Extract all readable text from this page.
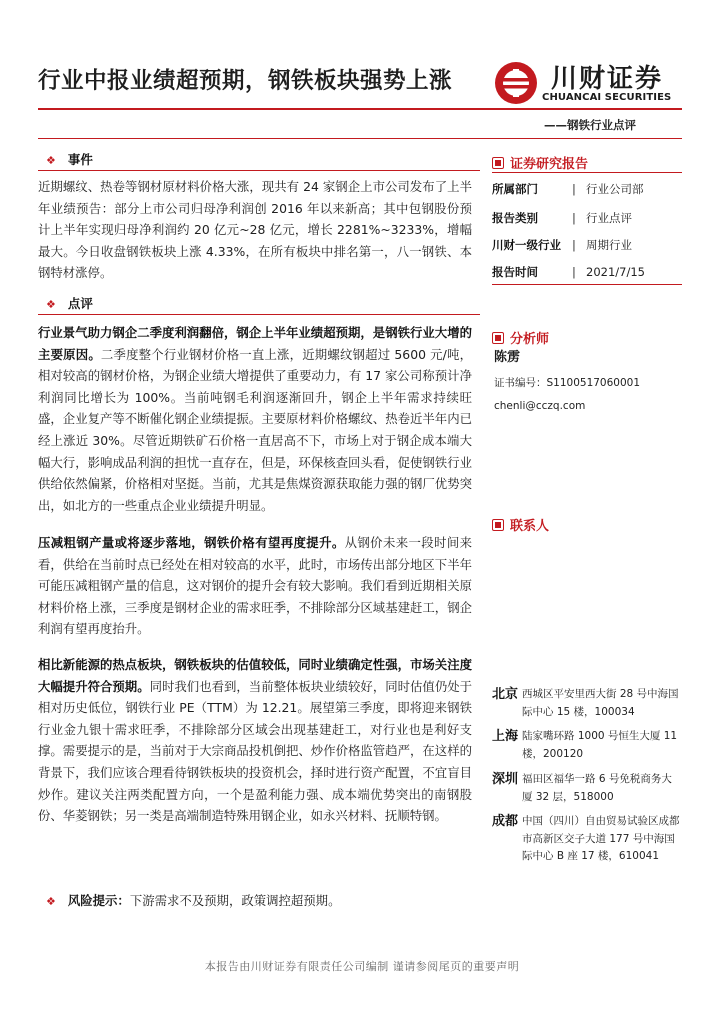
行业中报业绩超预期，钢铁板块强势上涨	川财证券
CHUANCAI SECURITIES
——钢铁行业点评
❖ 事件
近期螺纹、热卷等钢材原材料价格大涨，现共有 24 家钢企上市公司发布了上半年业绩预告：部分上市公司归母净利润创 2016 年以来新高；其中包钢股份预计上半年实现归母净利润约 20 亿元~28 亿元，增长 2281%~3233%，增幅最大。今日收盘钢铁板块上涨 4.33%，在所有板块中排名第一，八一钢铁、本钢特材涨停。
❖ 点评
行业景气助力钢企二季度利润翻倍，钢企上半年业绩超预期，是钢铁行业大增的主要原因。二季度整个行业钢材价格一直上涨，近期螺纹钢超过 5600 元/吨，相对较高的钢材价格，为钢企业绩大增提供了重要动力，有 17 家公司称预计净利润同比增长为 100%。当前吨钢毛利润逐渐回升，钢企上半年需求持续旺盛，企业复产等不断催化钢企业绩提振。主要原材料价格螺纹、热卷近半年内已经上涨近 30%。尽管近期铁矿石价格一直居高不下，市场上对于钢企成本端大幅大行，影响成品利润的担忧一直存在，但是，环保核查回头看，促使钢铁行业供给依然偏紧，价格相对坚挺。当前，尤其是焦煤资源获取能力强的钢厂优势突出，如北方的一些重点企业业绩提升明显。
压减粗钢产量或将逐步落地，钢铁价格有望再度提升。从钢价未来一段时间来看，供给在当前时点已经处在相对较高的水平，此时，市场传出部分地区下半年可能压减粗钢产量的信息，这对钢价的提升会有较大影响。我们看到近期相关原材料价格上涨，三季度是钢材企业的需求旺季，不排除部分区域基建赶工，钢企利润有望再度抬升。
相比新能源的热点板块，钢铁板块的估值较低，同时业绩确定性强，市场关注度大幅提升符合预期。同时我们也看到，当前整体板块业绩较好，同时估值仍处于相对历史低位，钢铁行业 PE（TTM）为 12.21。展望第三季度，即将迎来钢铁行业金九银十需求旺季，不排除部分区域会出现基建赶工，对行业也是利好支撑。需要提示的是，当前对于大宗商品投机倒把、炒作价格监管趋严，在这样的背景下，我们应该合理看待钢铁板块的投资机会，择时进行资产配置，不宜盲目炒作。建议关注两类配置方向，一个是盈利能力强、成本端优势突出的南钢股份、华菱钢铁；另一类是高端制造特殊用钢企业，如永兴材料、抚顺特钢。
❖ 风险提示：下游需求不及预期，政策调控超预期。
证券研究报告
所属部门	| 行业公司部
报告类别	| 行业点评
川财一级行业 | 周期行业
报告时间	| 2021/7/15
分析师
陈雳
证书编号：S1100517060001
chenli@cczq.com
联系人
北京 西城区平安里西大街 28 号中海国际中心 15 楼，100034
上海 陆家嘴环路 1000 号恒生大厦 11 楼，200120
深圳 福田区福华一路 6 号免税商务大厦 32 层，518000
成都 中国（四川）自由贸易试验区成都市高新区交子大道 177 号中海国际中心 B 座 17 楼，610041
本报告由川财证券有限责任公司编制 谨请参阅尾页的重要声明
